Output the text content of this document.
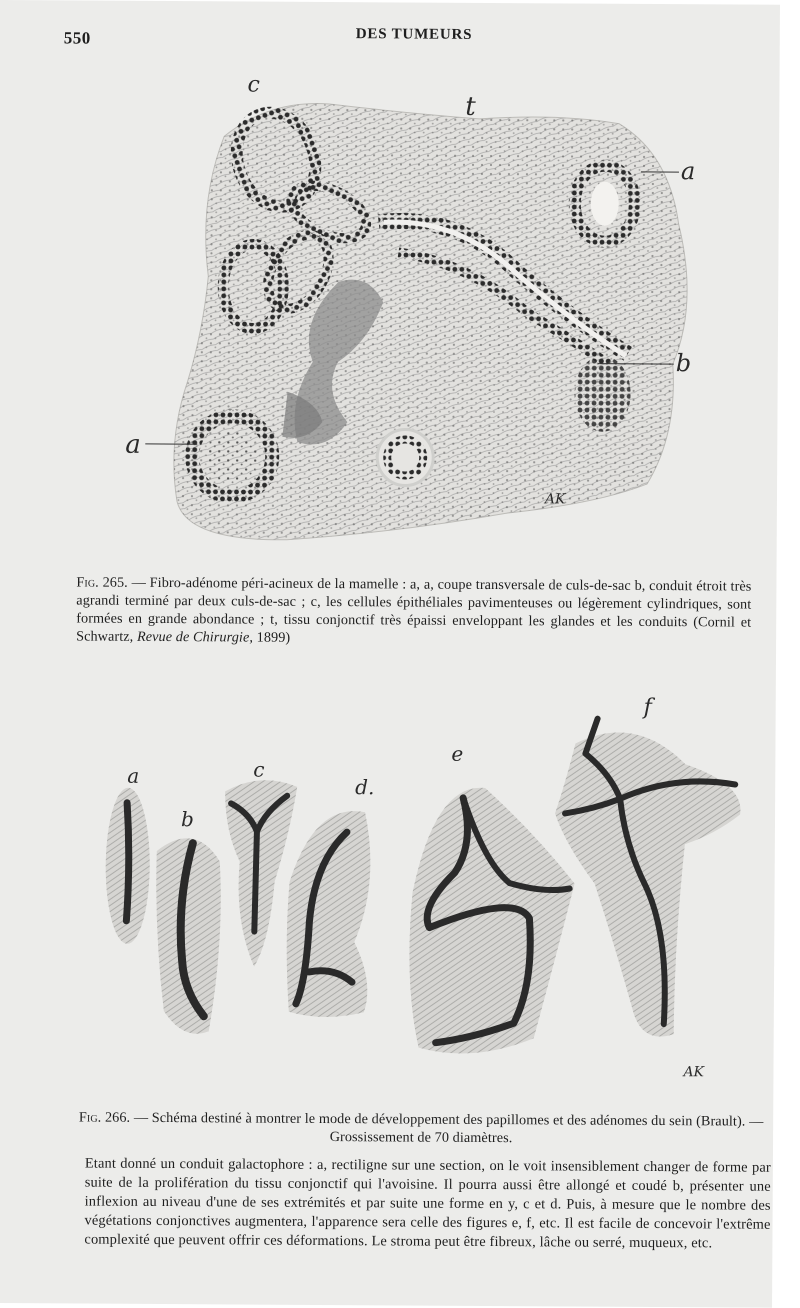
550	DES TUMEURS
c
t
a
b
a
AK
Fig. 265. — Fibro-adénome péri-acineux de la mamelle : a, a, coupe transversale de culs-de-sac b, conduit étroit très agrandi terminé par deux culs-de-sac ; c, les cellules épithéliales pavimenteuses ou légèrement cylindriques, sont formées en grande abondance ; t, tissu conjonctif très épaissi enveloppant les glandes et les conduits (Cornil et Schwartz, Revue de Chirurgie, 1899)
a
b
c
d.
e
f
AK
Fig. 266. — Schéma destiné à montrer le mode de développement des papillomes et des adénomes du sein (Brault). — Grossissement de 70 diamètres.

Etant donné un conduit galactophore : a, rectiligne sur une section, on le voit insensiblement changer de forme par suite de la prolifération du tissu conjonctif qui l'avoisine. Il pourra aussi être allongé et coudé b, présenter une inflexion au niveau d'une de ses extrémités et par suite une forme en y, c et d. Puis, à mesure que le nombre des végétations conjonctives augmentera, l'apparence sera celle des figures e, f, etc. Il est facile de concevoir l'extrême complexité que peuvent offrir ces déformations. Le stroma peut être fibreux, lâche ou serré, muqueux, etc.
